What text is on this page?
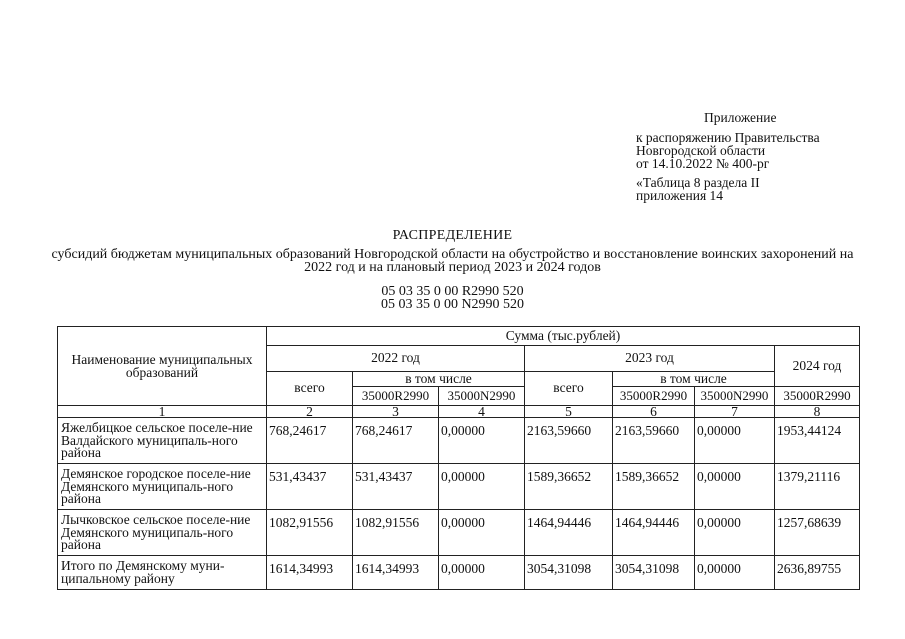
Приложение
к распоряжению Правительства
Новгородской области
от 14.10.2022 № 400-рг
«Таблица 8 раздела II
приложения 14
РАСПРЕДЕЛЕНИЕ
субсидий бюджетам муниципальных образований Новгородской области на обустройство и восстановление воинских захоронений на 2022 год и на плановый период 2023 и 2024 годов
05 03 35 0 00 R2990 520
05 03 35 0 00 N2990 520
Наименование муниципальных образований	Сумма (тыс.рублей)						
	2022 год			2023 год			2024 год
	всего	в том числе		всего	в том числе		
		35000R2990	35000N2990		35000R2990	35000N2990	35000R2990
1	2	3	4	5	6	7	8
Яжелбицкое сельское поселе-ние Валдайского муниципаль-ного района	768,24617	768,24617	0,00000	2163,59660	2163,59660	0,00000	1953,44124
Демянское городское поселе-ние Демянского муниципаль-ного района	531,43437	531,43437	0,00000	1589,36652	1589,36652	0,00000	1379,21116
Лычковское сельское поселе-ние Демянского муниципаль-ного района	1082,91556	1082,91556	0,00000	1464,94446	1464,94446	0,00000	1257,68639
Итого по Демянскому муни-ципальному району	1614,34993	1614,34993	0,00000	3054,31098	3054,31098	0,00000	2636,89755
